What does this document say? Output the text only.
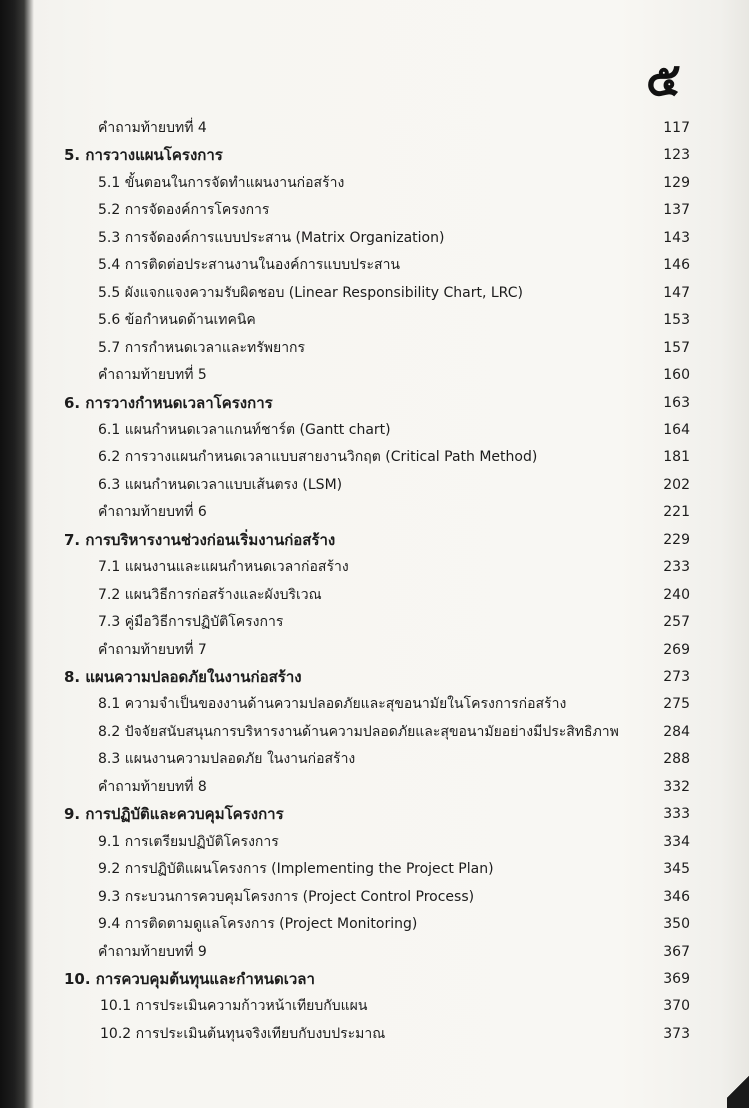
๕
คำถามท้ายบทที่ 4	117
5. การวางแผนโครงการ	123
5.1 ขั้นตอนในการจัดทำแผนงานก่อสร้าง	129
5.2 การจัดองค์การโครงการ	137
5.3 การจัดองค์การแบบประสาน (Matrix Organization)	143
5.4 การติดต่อประสานงานในองค์การแบบประสาน	146
5.5 ผังแจกแจงความรับผิดชอบ (Linear Responsibility Chart, LRC)	147
5.6 ข้อกำหนดด้านเทคนิค	153
5.7 การกำหนดเวลาและทรัพยากร	157
คำถามท้ายบทที่ 5	160
6. การวางกำหนดเวลาโครงการ	163
6.1 แผนกำหนดเวลาแกนท์ชาร์ต (Gantt chart)	164
6.2 การวางแผนกำหนดเวลาแบบสายงานวิกฤต (Critical Path Method)	181
6.3 แผนกำหนดเวลาแบบเส้นตรง (LSM)	202
คำถามท้ายบทที่ 6	221
7. การบริหารงานช่วงก่อนเริ่มงานก่อสร้าง	229
7.1 แผนงานและแผนกำหนดเวลาก่อสร้าง	233
7.2 แผนวิธีการก่อสร้างและผังบริเวณ	240
7.3 คู่มือวิธีการปฏิบัติโครงการ	257
คำถามท้ายบทที่ 7	269
8. แผนความปลอดภัยในงานก่อสร้าง	273
8.1 ความจำเป็นของงานด้านความปลอดภัยและสุขอนามัยในโครงการก่อสร้าง	275
8.2 ปัจจัยสนับสนุนการบริหารงานด้านความปลอดภัยและสุขอนามัยอย่างมีประสิทธิภาพ	284
8.3 แผนงานความปลอดภัย ในงานก่อสร้าง	288
คำถามท้ายบทที่ 8	332
9. การปฏิบัติและควบคุมโครงการ	333
9.1 การเตรียมปฏิบัติโครงการ	334
9.2 การปฏิบัติแผนโครงการ (Implementing the Project Plan)	345
9.3 กระบวนการควบคุมโครงการ (Project Control Process)	346
9.4 การติดตามดูแลโครงการ (Project Monitoring)	350
คำถามท้ายบทที่ 9	367
10. การควบคุมต้นทุนและกำหนดเวลา	369
10.1 การประเมินความก้าวหน้าเทียบกับแผน	370
10.2 การประเมินต้นทุนจริงเทียบกับงบประมาณ	373
